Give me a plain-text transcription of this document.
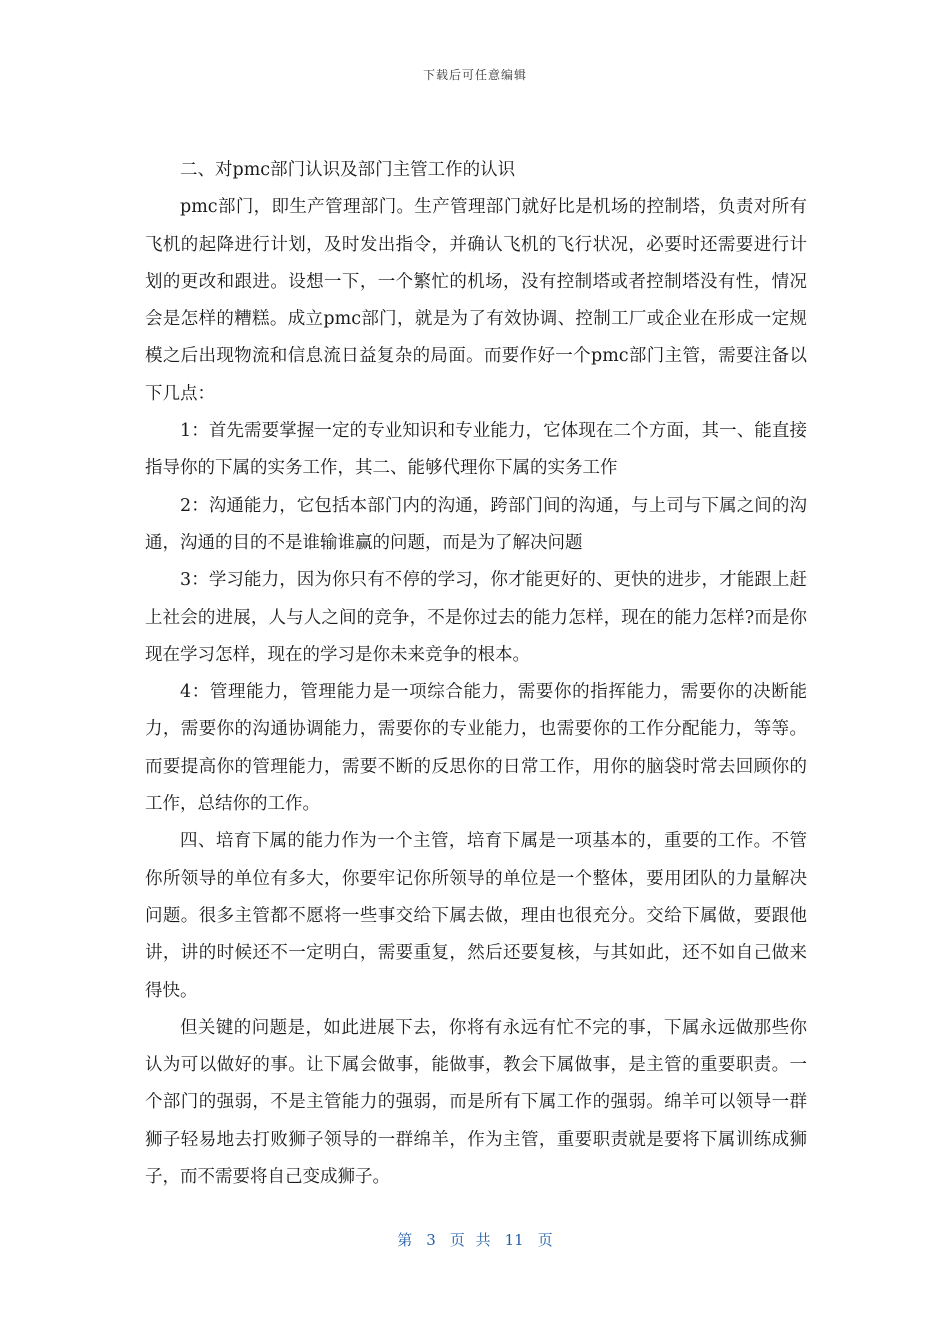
下载后可任意编辑

二、对pmc部门认识及部门主管工作的认识

pmc部门，即生产管理部门。生产管理部门就好比是机场的控制塔，负责对所有飞机的起降进行计划，及时发出指令，并确认飞机的飞行状况，必要时还需要进行计划的更改和跟进。设想一下，一个繁忙的机场，没有控制塔或者控制塔没有性，情况会是怎样的糟糕。成立pmc部门，就是为了有效协调、控制工厂或企业在形成一定规模之后出现物流和信息流日益复杂的局面。而要作好一个pmc部门主管，需要注备以下几点：

1：首先需要掌握一定的专业知识和专业能力，它体现在二个方面，其一、能直接指导你的下属的实务工作，其二、能够代理你下属的实务工作

2：沟通能力，它包括本部门内的沟通，跨部门间的沟通，与上司与下属之间的沟通，沟通的目的不是谁输谁赢的问题，而是为了解决问题

3：学习能力，因为你只有不停的学习，你才能更好的、更快的进步，才能跟上赶上社会的进展，人与人之间的竞争，不是你过去的能力怎样，现在的能力怎样?而是你现在学习怎样，现在的学习是你未来竞争的根本。

4：管理能力，管理能力是一项综合能力，需要你的指挥能力，需要你的决断能力，需要你的沟通协调能力，需要你的专业能力，也需要你的工作分配能力，等等。而要提高你的管理能力，需要不断的反思你的日常工作，用你的脑袋时常去回顾你的工作，总结你的工作。

四、培育下属的能力作为一个主管，培育下属是一项基本的，重要的工作。不管你所领导的单位有多大，你要牢记你所领导的单位是一个整体，要用团队的力量解决问题。很多主管都不愿将一些事交给下属去做，理由也很充分。交给下属做，要跟他讲，讲的时候还不一定明白，需要重复，然后还要复核，与其如此，还不如自己做来得快。

但关键的问题是，如此进展下去，你将有永远有忙不完的事，下属永远做那些你认为可以做好的事。让下属会做事，能做事，教会下属做事，是主管的重要职责。一个部门的强弱，不是主管能力的强弱，而是所有下属工作的强弱。绵羊可以领导一群狮子轻易地去打败狮子领导的一群绵羊，作为主管，重要职责就是要将下属训练成狮子，而不需要将自己变成狮子。

第 3 页 共 11 页
